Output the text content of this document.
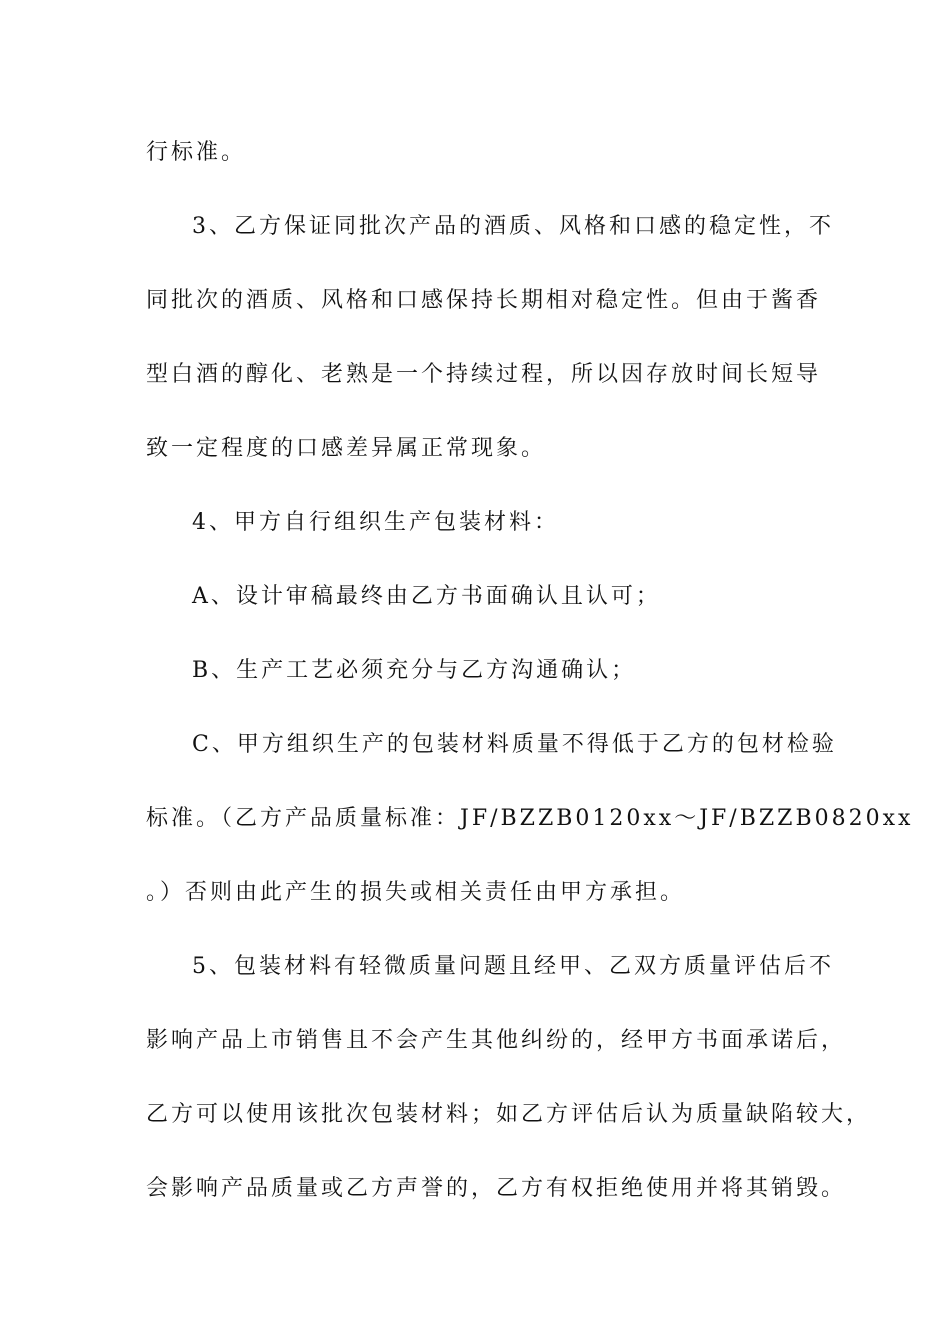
行标准。
3、乙方保证同批次产品的酒质、风格和口感的稳定性，不
同批次的酒质、风格和口感保持长期相对稳定性。但由于酱香
型白酒的醇化、老熟是一个持续过程，所以因存放时间长短导
致一定程度的口感差异属正常现象。
4、甲方自行组织生产包装材料：
A、设计审稿最终由乙方书面确认且认可；
B、生产工艺必须充分与乙方沟通确认；
C、甲方组织生产的包装材料质量不得低于乙方的包材检验
标准。（乙方产品质量标准：JF/BZZB0120xx～JF/BZZB0820xx
。）否则由此产生的损失或相关责任由甲方承担。
5、包装材料有轻微质量问题且经甲、乙双方质量评估后不
影响产品上市销售且不会产生其他纠纷的，经甲方书面承诺后，
乙方可以使用该批次包装材料；如乙方评估后认为质量缺陷较大，
会影响产品质量或乙方声誉的，乙方有权拒绝使用并将其销毁。
